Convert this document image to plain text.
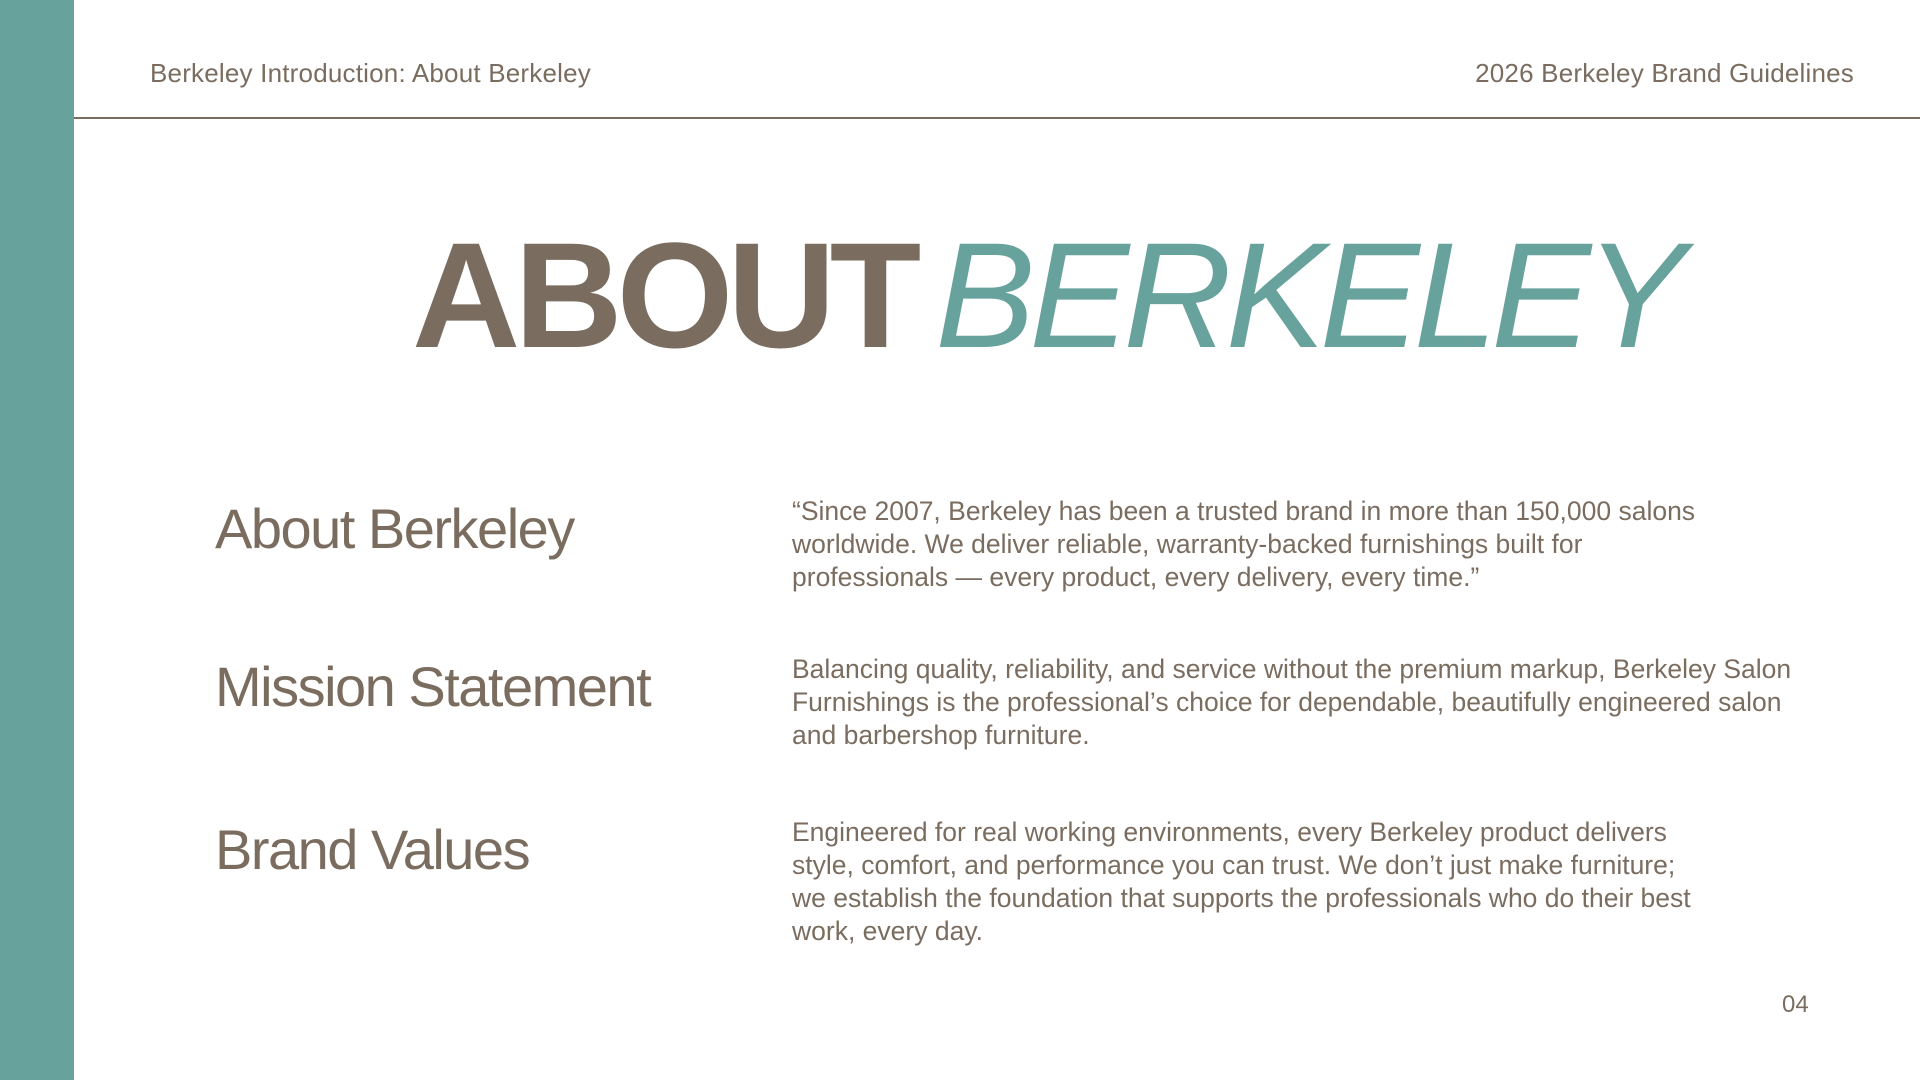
Berkeley Introduction: About Berkeley	2026 Berkeley Brand Guidelines
ABOUT BERKELEY
About Berkeley	“Since 2007, Berkeley has been a trusted brand in more than 150,000 salons worldwide. We deliver reliable, warranty-backed furnishings built for professionals — every product, every delivery, every time.”
Mission Statement	Balancing quality, reliability, and service without the premium markup, Berkeley Salon Furnishings is the professional’s choice for dependable, beautifully engineered salon and barbershop furniture.
Brand Values	Engineered for real working environments, every Berkeley product delivers style, comfort, and performance you can trust. We don’t just make furniture; we establish the foundation that supports the professionals who do their best work, every day.
04
